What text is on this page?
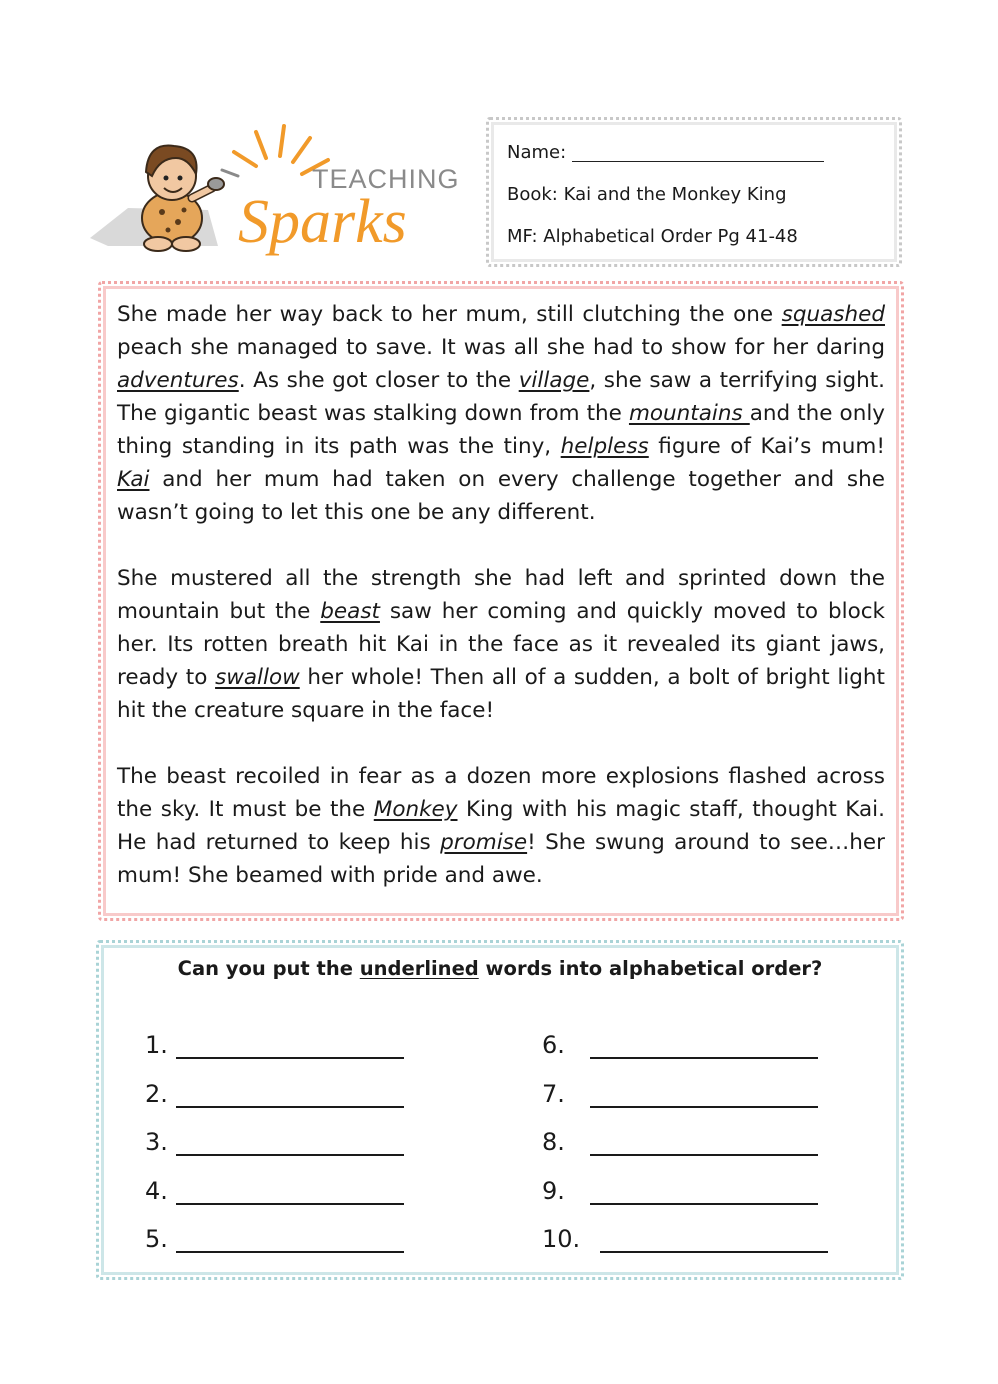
TEACHING
Sparks
Name:
Book: Kai and the Monkey King
MF: Alphabetical Order Pg 41-48

She made her way back to her mum, still clutching the one squashed peach she managed to save. It was all she had to show for her daring adventures. As she got closer to the village, she saw a terrifying sight. The gigantic beast was stalking down from the mountains and the only thing standing in its path was the tiny, helpless figure of Kai’s mum! Kai and her mum had taken on every challenge together and she wasn’t going to let this one be any different.

She mustered all the strength she had left and sprinted down the mountain but the beast saw her coming and quickly moved to block her. Its rotten breath hit Kai in the face as it revealed its giant jaws, ready to swallow her whole! Then all of a sudden, a bolt of bright light hit the creature square in the face!

The beast recoiled in fear as a dozen more explosions flashed across the sky. It must be the Monkey King with his magic staff, thought Kai. He had returned to keep his promise! She swung around to see…her mum! She beamed with pride and awe.

Can you put the underlined words into alphabetical order?
1.
2.
3.
4.
5.
6.
7.
8.
9.
10.
